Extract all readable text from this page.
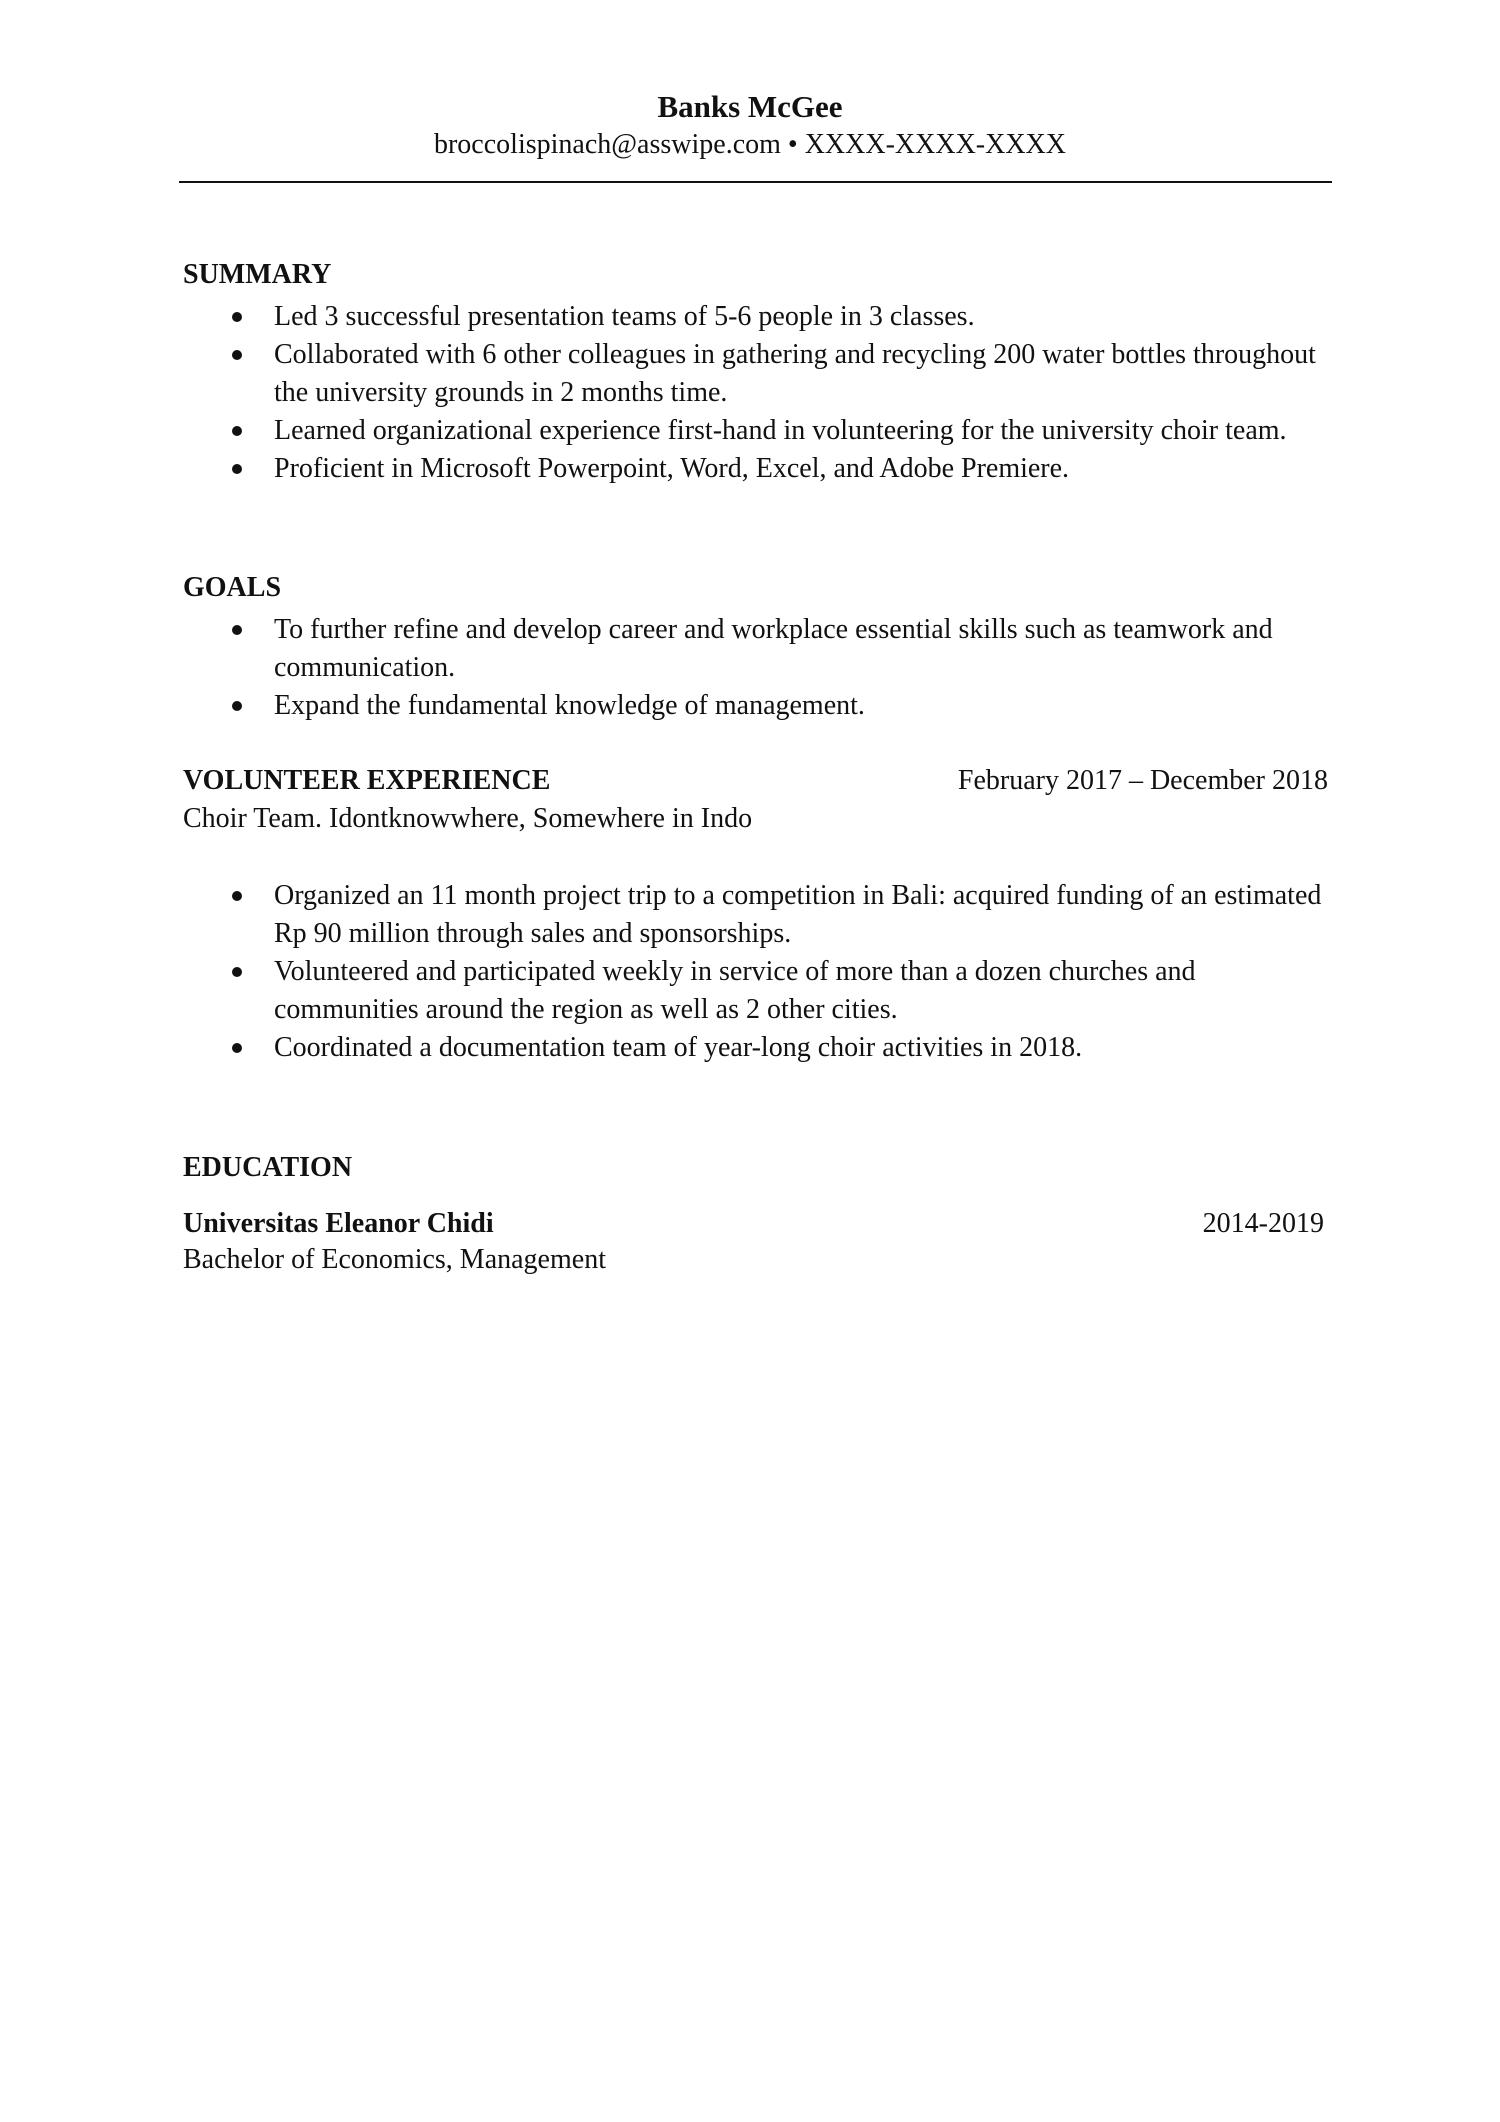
Banks McGee
broccolispinach@asswipe.com • XXXX-XXXX-XXXX
SUMMARY
Led 3 successful presentation teams of 5-6 people in 3 classes.
Collaborated with 6 other colleagues in gathering and recycling 200 water bottles throughout the university grounds in 2 months time.
Learned organizational experience first-hand in volunteering for the university choir team.
Proficient in Microsoft Powerpoint, Word, Excel, and Adobe Premiere.
GOALS
To further refine and develop career and workplace essential skills such as teamwork and communication.
Expand the fundamental knowledge of management.
VOLUNTEER EXPERIENCE	February 2017 – December 2018
Choir Team. Idontknowwhere, Somewhere in Indo
Organized an 11 month project trip to a competition in Bali: acquired funding of an estimated Rp 90 million through sales and sponsorships.
Volunteered and participated weekly in service of more than a dozen churches and communities around the region as well as 2 other cities.
Coordinated a documentation team of year-long choir activities in 2018.
EDUCATION
Universitas Eleanor Chidi	2014-2019
Bachelor of Economics, Management
